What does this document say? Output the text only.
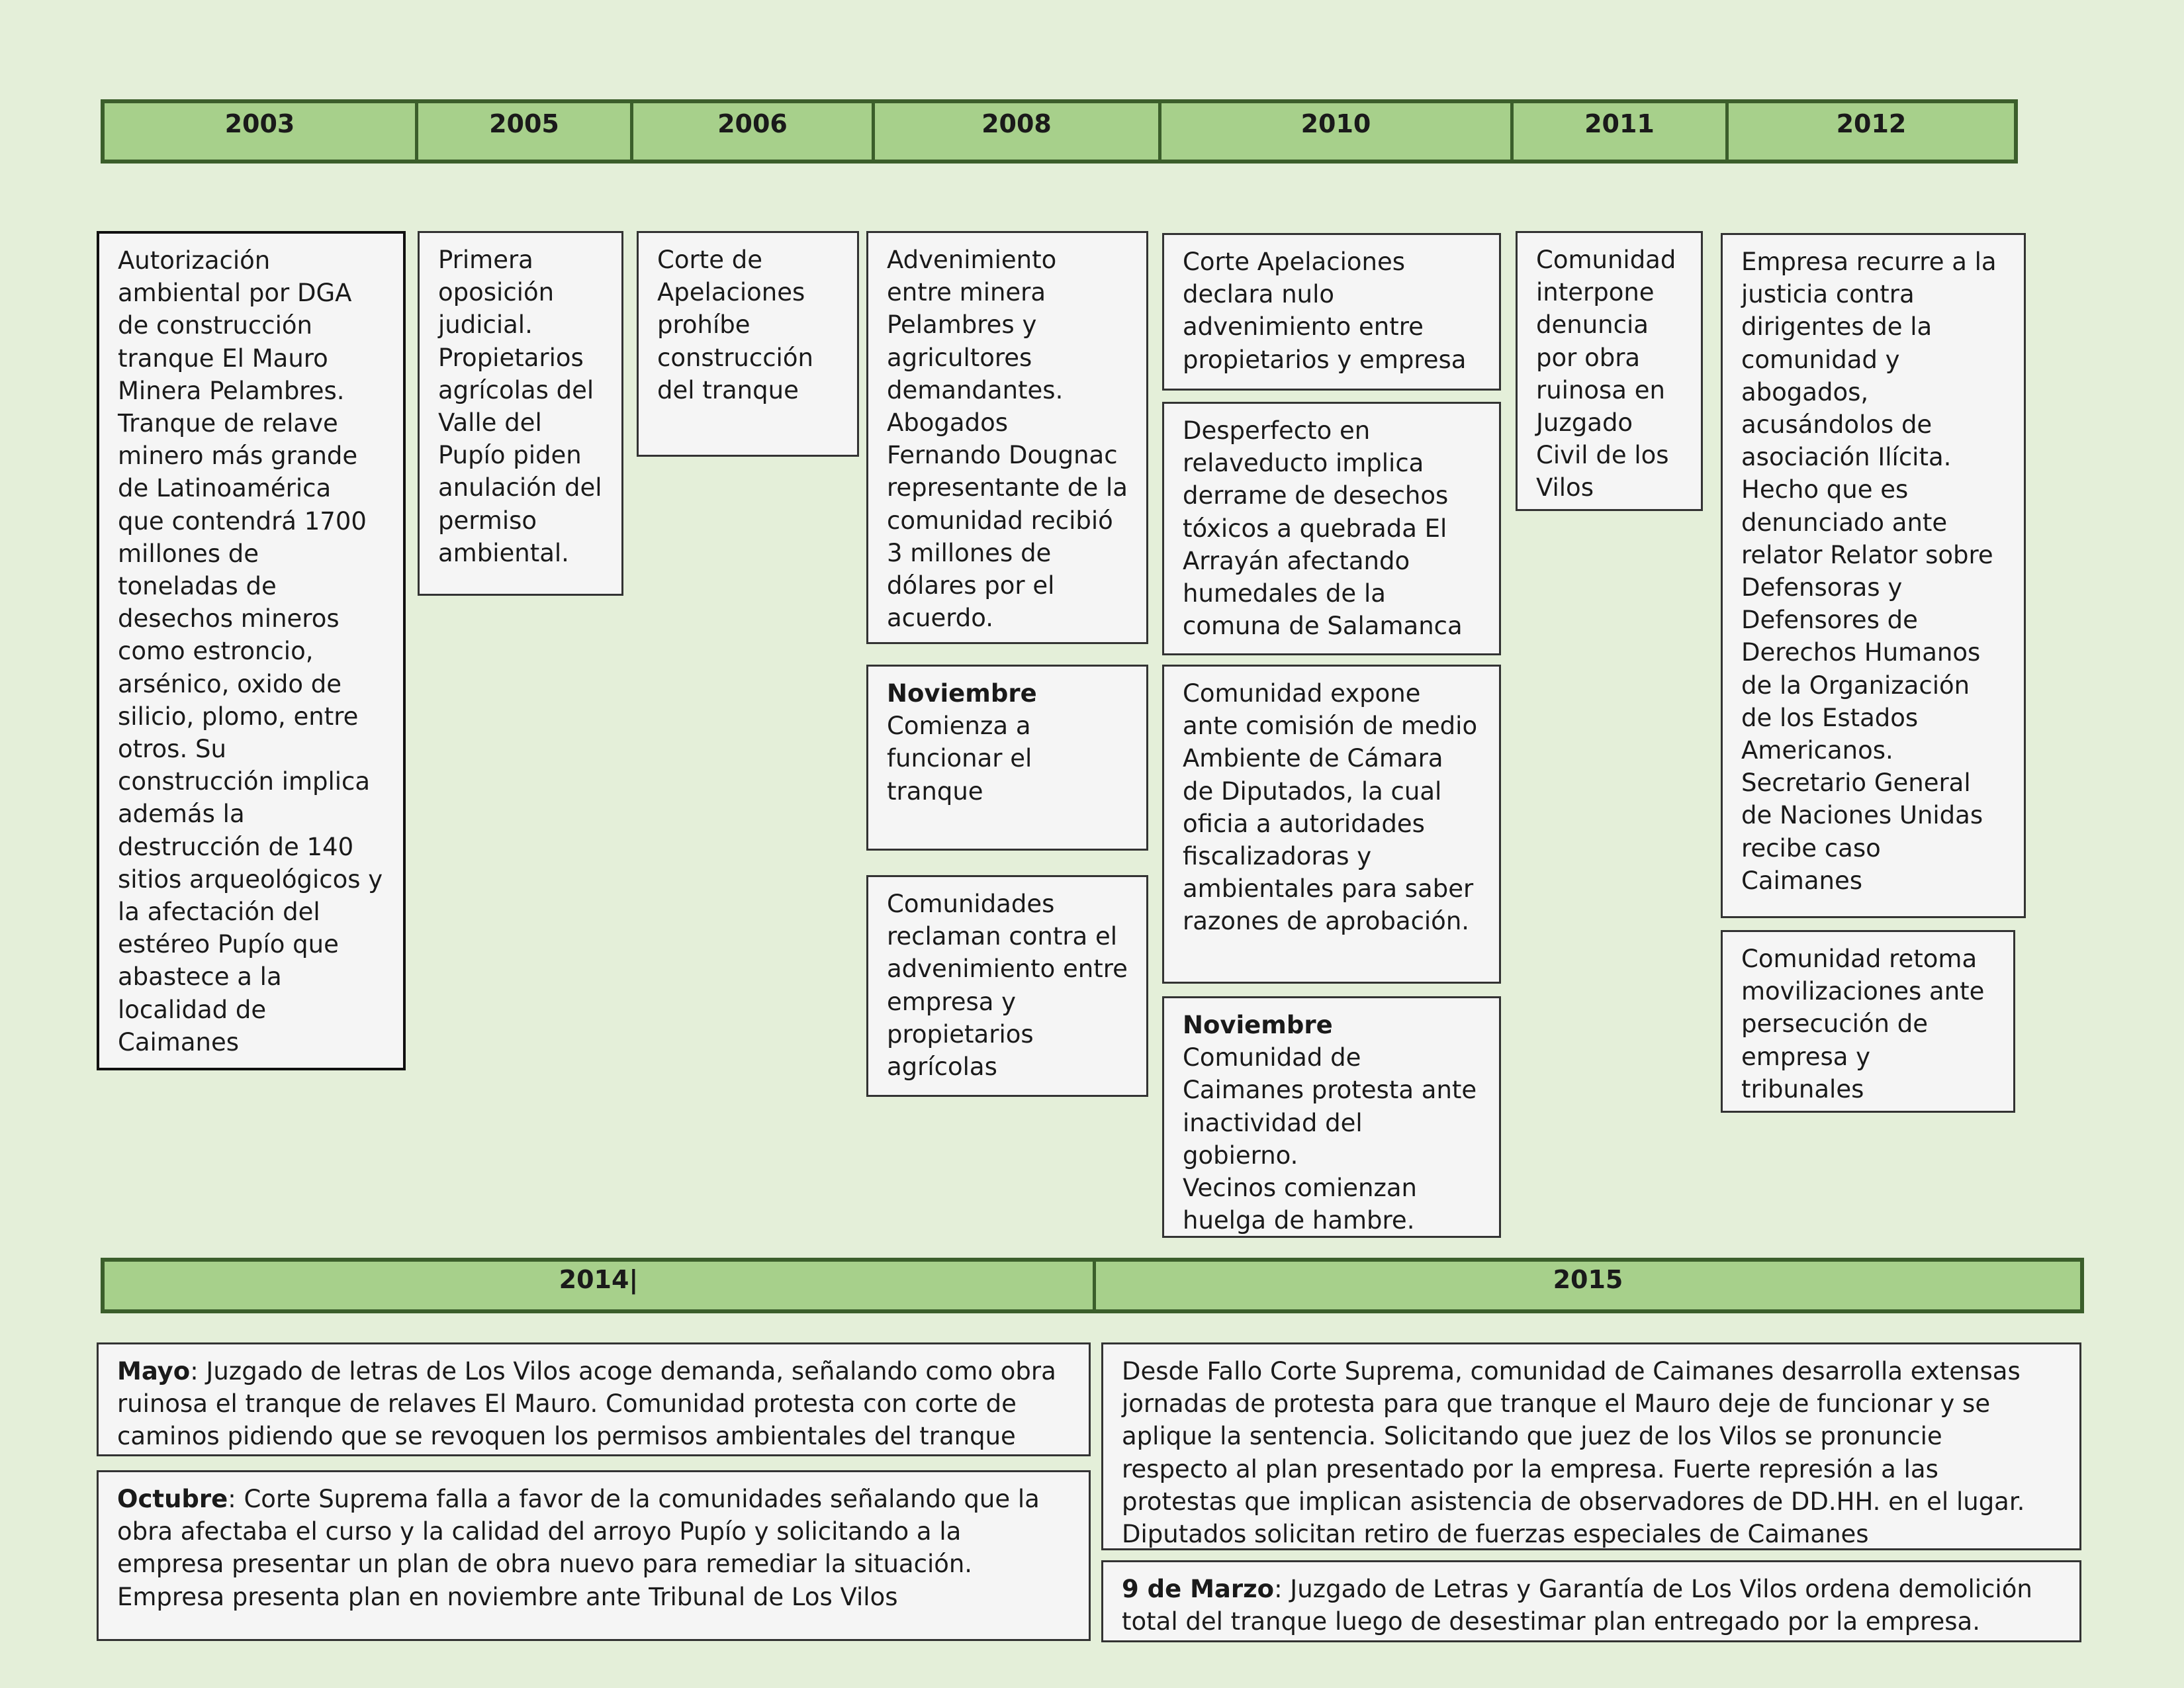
2003	2005	2006	2008	2010	2011	2012
Autorización ambiental por DGA de construcción tranque El Mauro Minera Pelambres. Tranque de relave minero más grande de Latinoamérica que contendrá 1700 millones de toneladas de desechos mineros como estroncio, arsénico, oxido de silicio, plomo, entre otros. Su construcción implica además la destrucción de 140 sitios arqueológicos y la afectación del estéreo Pupío que abastece a la localidad de Caimanes
Primera oposición judicial. Propietarios agrícolas del Valle del Pupío piden anulación del permiso ambiental.
Corte de Apelaciones prohíbe construcción del tranque
Advenimiento entre minera Pelambres y agricultores demandantes. Abogados Fernando Dougnac representante de la comunidad recibió 3 millones de dólares por el acuerdo.
Noviembre
Comienza a funcionar el tranque
Comunidades reclaman contra el advenimiento entre empresa y propietarios agrícolas
Corte Apelaciones declara nulo advenimiento entre propietarios y empresa
Desperfecto en relaveducto implica derrame de desechos tóxicos a quebrada El Arrayán afectando humedales de la comuna de Salamanca
Comunidad expone ante comisión de medio Ambiente de Cámara de Diputados, la cual oficia a autoridades fiscalizadoras y ambientales para saber razones de aprobación.
Noviembre
Comunidad de Caimanes protesta ante inactividad del gobierno.
Vecinos comienzan huelga de hambre.
Comunidad interpone denuncia por obra ruinosa en Juzgado Civil de los Vilos
Empresa recurre a la justicia contra dirigentes de la comunidad y abogados, acusándolos de asociación Ilícita. Hecho que es denunciado ante relator Relator sobre Defensoras y Defensores de Derechos Humanos de la Organización de los Estados Americanos. Secretario General de Naciones Unidas recibe caso Caimanes
Comunidad retoma movilizaciones ante persecución de empresa y tribunales
2014|	2015
Mayo: Juzgado de letras de Los Vilos acoge demanda, señalando como obra ruinosa el tranque de relaves El Mauro. Comunidad protesta con corte de caminos pidiendo que se revoquen los permisos ambientales del tranque
Octubre: Corte Suprema falla a favor de la comunidades señalando que la obra afectaba el curso y la calidad del arroyo Pupío y solicitando a la empresa presentar un plan de obra nuevo para remediar la situación. Empresa presenta plan en noviembre ante Tribunal de Los Vilos
Desde Fallo Corte Suprema, comunidad de Caimanes desarrolla extensas jornadas de protesta para que tranque el Mauro deje de funcionar y se aplique la sentencia. Solicitando que juez de los Vilos se pronuncie respecto al plan presentado por la empresa. Fuerte represión a las protestas que implican asistencia de observadores de DD.HH. en el lugar. Diputados solicitan retiro de fuerzas especiales de Caimanes
9 de Marzo: Juzgado de Letras y Garantía de Los Vilos ordena demolición total del tranque luego de desestimar plan entregado por la empresa.
